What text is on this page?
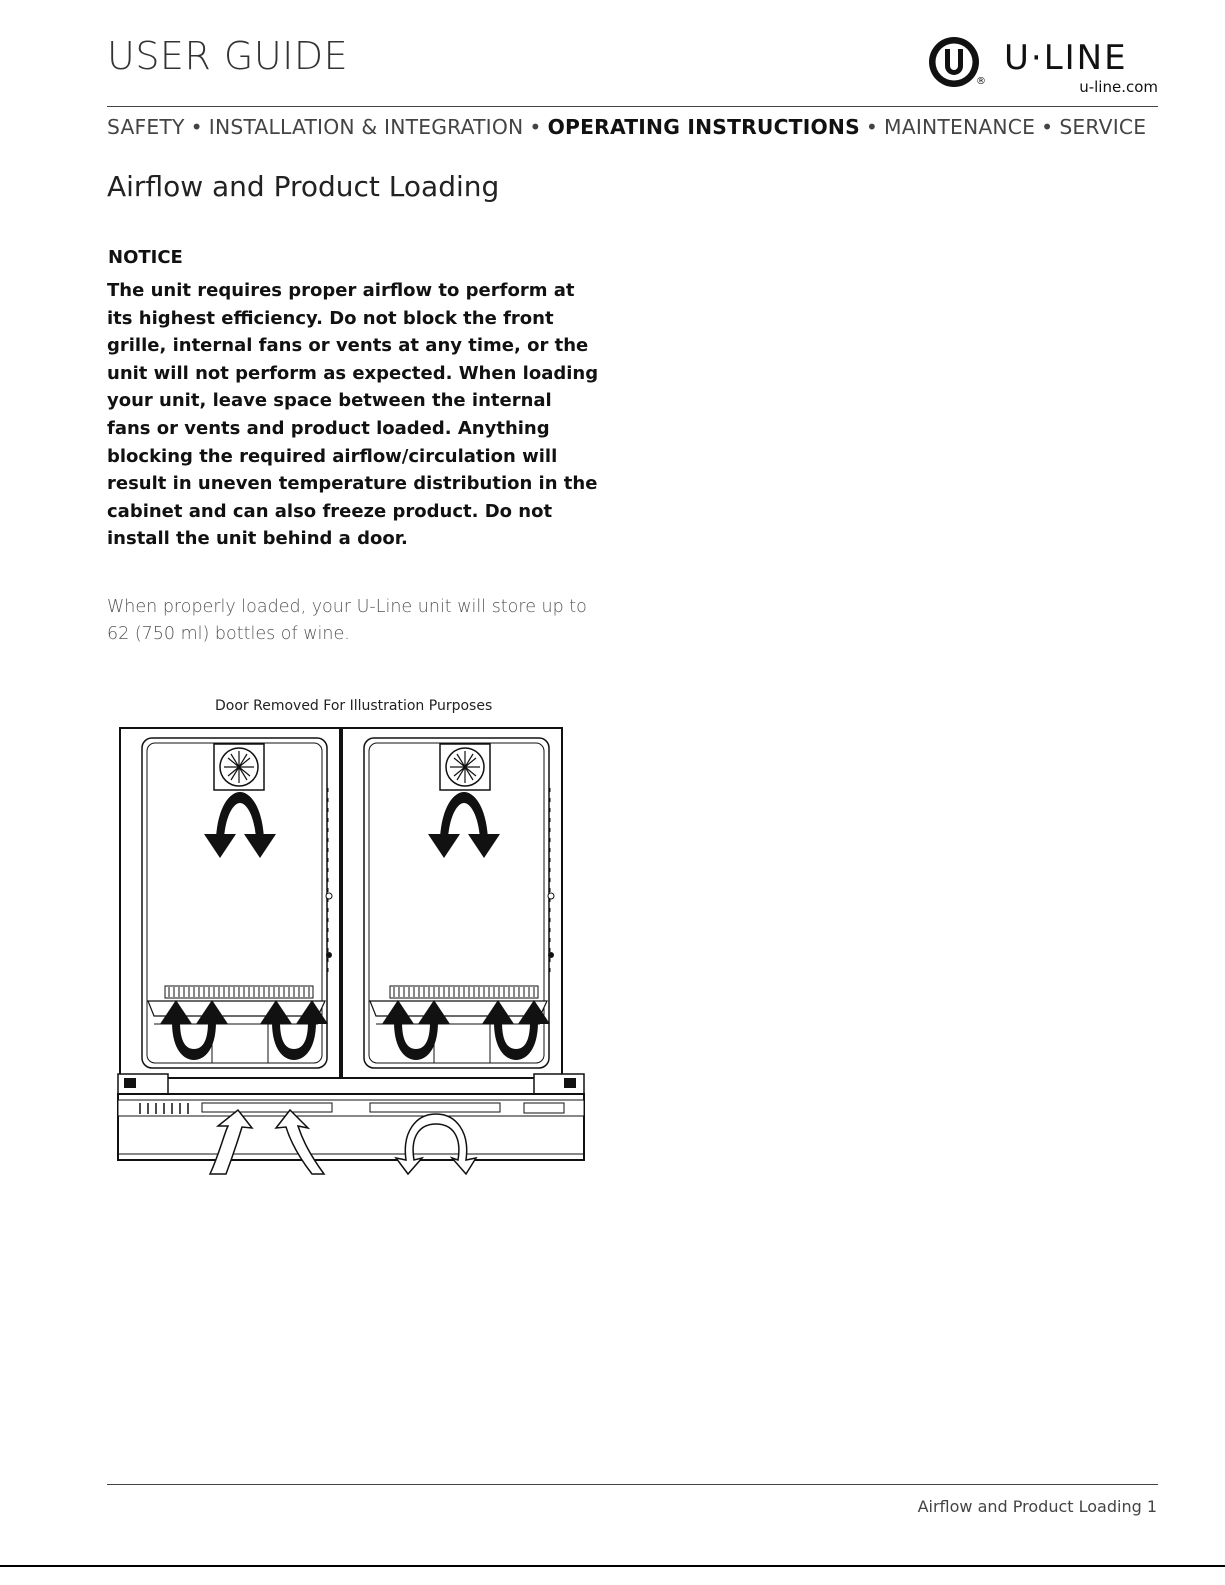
USER GUIDE
®
U·LINE
u-line.com
SAFETY • INSTALLATION & INTEGRATION • OPERATING INSTRUCTIONS • MAINTENANCE • SERVICE
Airflow and Product Loading
NOTICE

The unit requires proper airflow to perform at its highest efficiency. Do not block the front grille, internal fans or vents at any time, or the unit will not perform as expected. When loading your unit, leave space between the internal fans or vents and product loaded. Anything blocking the required airflow/circulation will result in uneven temperature distribution in the cabinet and can also freeze product. Do not install the unit behind a door.

When properly loaded, your U-Line unit will store up to 62 (750 ml) bottles of wine.

Door Removed For Illustration Purposes
Airflow and Product Loading 1
